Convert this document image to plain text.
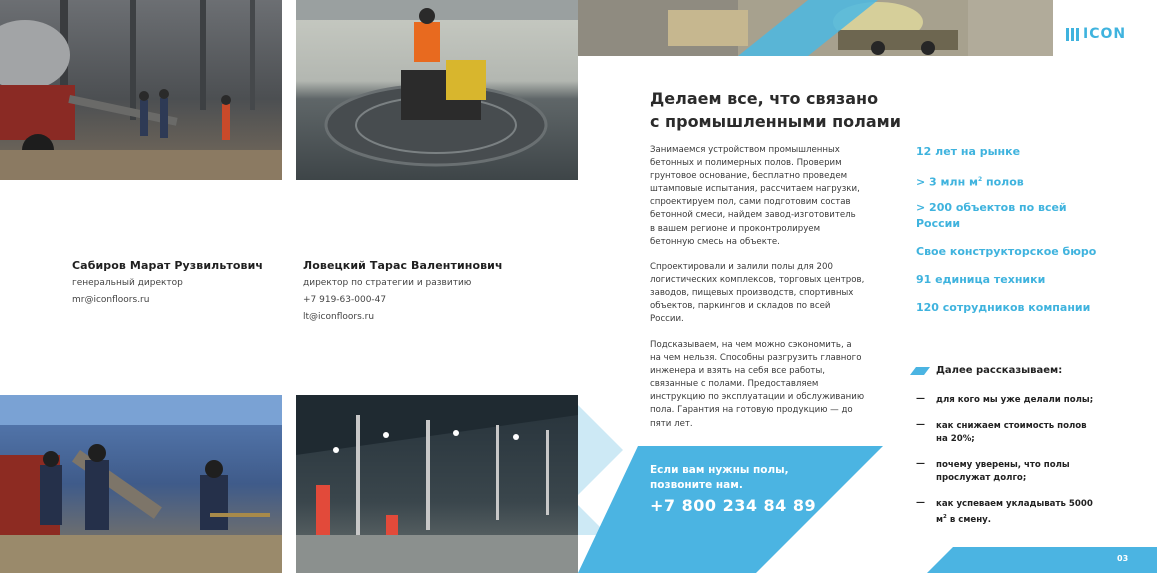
ICON
Сабиров Марат Рузвильтович
генеральный директор
mr@iconfloors.ru
Ловецкий Тарас Валентинович
директор по стратегии и развитию
+7 919-63-000-47
lt@iconfloors.ru
Делаем все, что связано
с промышленными полами
Занимаемся устройством промышленных
бетонных и полимерных полов. Проверим
грунтовое основание, бесплатно проведем
штамповые испытания, рассчитаем нагрузки,
спроектируем пол, сами подготовим состав
бетонной смеси, найдем завод-изготовитель
в вашем регионе и проконтролируем
бетонную смесь на объекте.
Спроектировали и залили полы для 200
логистических комплексов, торговых центров,
заводов, пищевых производств, спортивных
объектов, паркингов и складов по всей
России.
Подсказываем, на чем можно сэкономить, а
на чем нельзя. Способны разгрузить главного
инженера и взять на себя все работы,
связанные с полами. Предоставляем
инструкцию по эксплуатации и обслуживанию
пола. Гарантия на готовую продукцию — до
пяти лет.
12 лет на рынке
> 3 млн $м^2$ полов
> 200 объектов по всей
России
Свое конструкторское бюро
91 единица техники
120 сотрудников компании
Далее рассказываем:
— для кого мы уже делали полы;
— как снижаем стоимость полов
на 20%;
— почему уверены, что полы
прослужат долго;
— как успеваем укладывать 5000
$м^2$ в смену.
Если вам нужны полы,
позвоните нам.
+7 800 234 84 89
03
